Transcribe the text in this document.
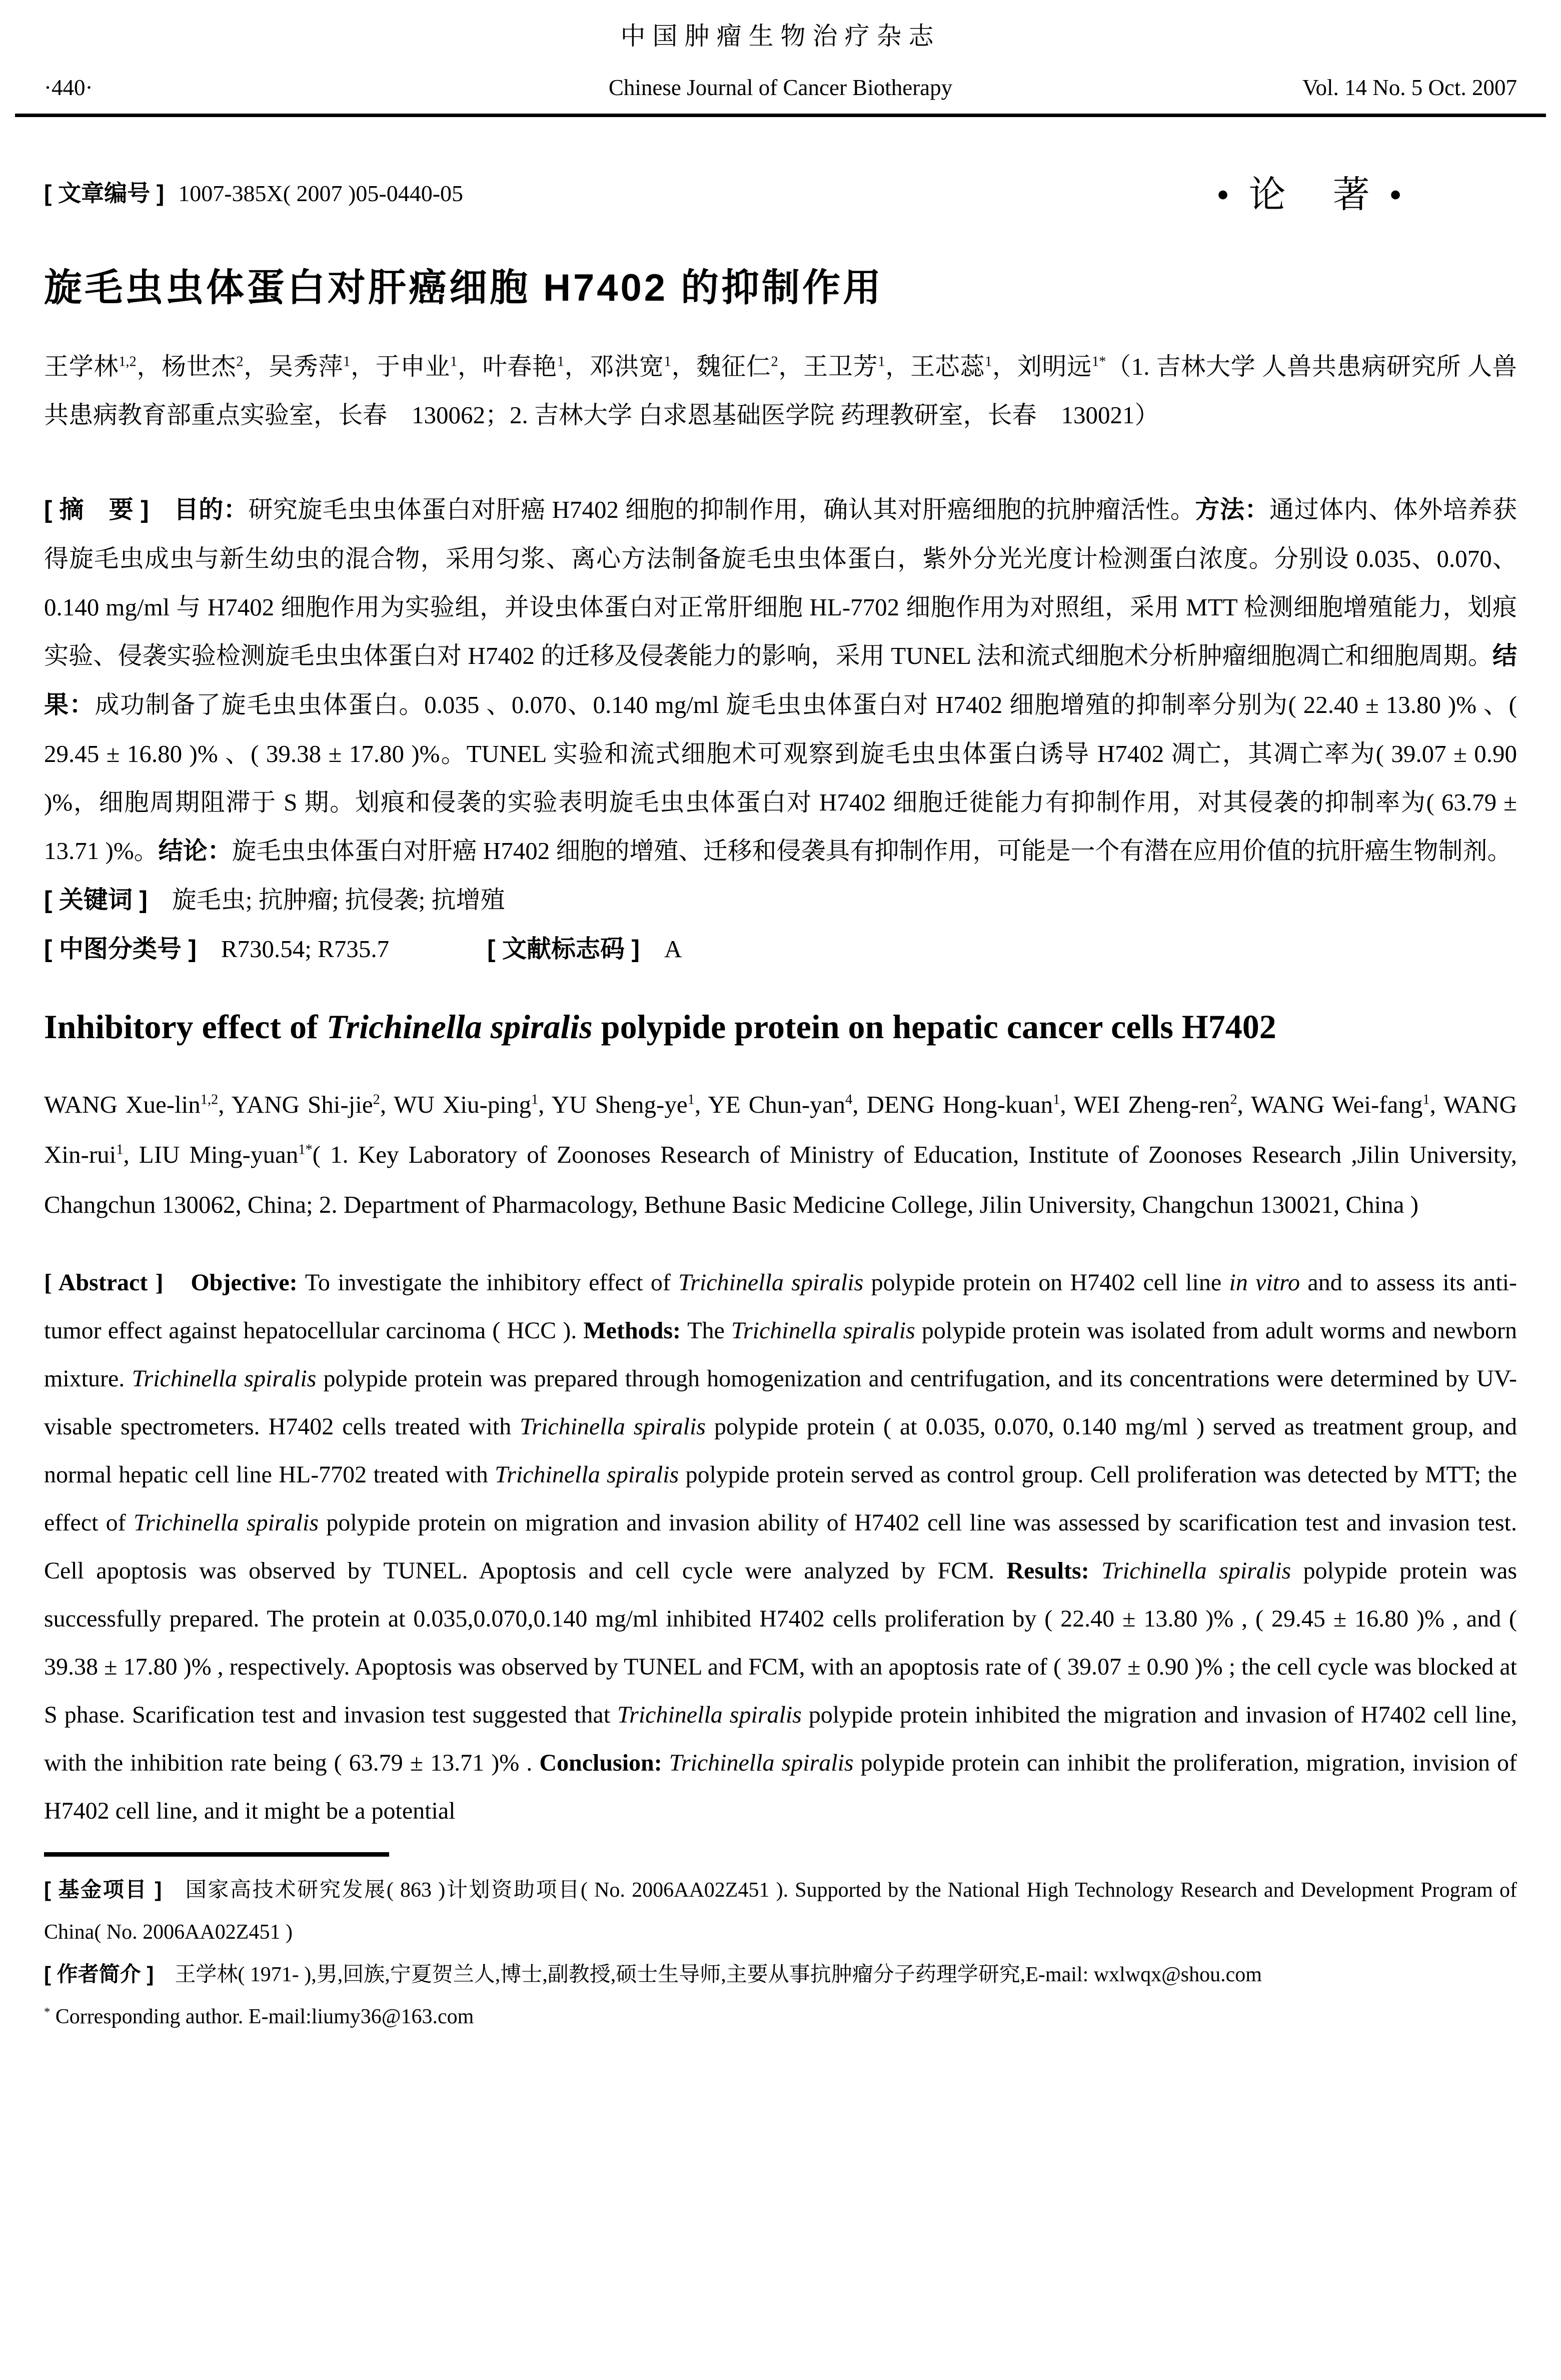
中国肿瘤生物治疗杂志
·440·	Chinese Journal of Cancer Biotherapy	Vol. 14 No. 5 Oct. 2007
[ 文章编号 ] 1007-385X( 2007 )05-0440-05	• 论　著 •
旋毛虫虫体蛋白对肝癌细胞 H7402 的抑制作用

王学林$^{1,2}$，杨世杰$^2$，吴秀萍$^1$，于申业$^1$，叶春艳$^1$，邓洪宽$^1$，魏征仁$^2$，王卫芳$^1$，王芯蕊$^1$，刘明远$^{1*}$（1. 吉林大学 人兽共患病研究所 人兽共患病教育部重点实验室，长春　130062；2. 吉林大学 白求恩基础医学院 药理教研室，长春　130021）

[ 摘　要 ]　目的：研究旋毛虫虫体蛋白对肝癌 H7402 细胞的抑制作用，确认其对肝癌细胞的抗肿瘤活性。方法：通过体内、体外培养获得旋毛虫成虫与新生幼虫的混合物，采用匀浆、离心方法制备旋毛虫虫体蛋白，紫外分光光度计检测蛋白浓度。分别设 0.035、0.070、0.140 mg/ml 与 H7402 细胞作用为实验组，并设虫体蛋白对正常肝细胞 HL-7702 细胞作用为对照组，采用 MTT 检测细胞增殖能力，划痕实验、侵袭实验检测旋毛虫虫体蛋白对 H7402 的迁移及侵袭能力的影响，采用 TUNEL 法和流式细胞术分析肿瘤细胞凋亡和细胞周期。结果：成功制备了旋毛虫虫体蛋白。0.035 、0.070、0.140 mg/ml 旋毛虫虫体蛋白对 H7402 细胞增殖的抑制率分别为( 22.40 ± 13.80 )% 、( 29.45 ± 16.80 )% 、( 39.38 ± 17.80 )%。TUNEL 实验和流式细胞术可观察到旋毛虫虫体蛋白诱导 H7402 凋亡，其凋亡率为( 39.07 ± 0.90 )%，细胞周期阻滞于 S 期。划痕和侵袭的实验表明旋毛虫虫体蛋白对 H7402 细胞迁徙能力有抑制作用，对其侵袭的抑制率为( 63.79 ± 13.71 )%。结论：旋毛虫虫体蛋白对肝癌 H7402 细胞的增殖、迁移和侵袭具有抑制作用，可能是一个有潜在应用价值的抗肝癌生物制剂。

[ 关键词 ]　旋毛虫; 抗肿瘤; 抗侵袭; 抗增殖

[ 中图分类号 ]　R730.54; R735.7　　　　	[ 文献标志码 ]　A

Inhibitory effect of Trichinella spiralis polypide protein on hepatic cancer cells H7402

WANG Xue-lin$^{1,2}$, YANG Shi-jie$^2$, WU Xiu-ping$^1$, YU Sheng-$ye^1$, YE Chun-yan$^4$, DENG Hong-kuan$^1$, WEI Zheng-ren$^2$, WANG Wei-fang$^1$, WANG Xin-rui$^1$, LIU Ming-yuan$^{1*}$( 1. Key Laboratory of Zoonoses Research of Ministry of Education, Institute of Zoonoses Research ,Jilin University, Changchun 130062, China; 2. Department of Pharmacology, Bethune Basic Medicine College, Jilin University, Changchun 130021, China )

[ Abstract ]　Objective: To investigate the inhibitory effect of Trichinella spiralis polypide protein on H7402 cell line in vitro and to assess its anti-tumor effect against hepatocellular carcinoma ( HCC ). Methods: The Trichinella spiralis polypide protein was isolated from adult worms and newborn mixture. Trichinella spiralis polypide protein was prepared through homogenization and centrifugation, and its concentrations were determined by UV-visable spectrometers. H7402 cells treated with Trichinella spiralis polypide protein ( at 0.035, 0.070, 0.140 mg/ml ) served as treatment group, and normal hepatic cell line HL-7702 treated with Trichinella spiralis polypide protein served as control group. Cell proliferation was detected by MTT; the effect of Trichinella spiralis polypide protein on migration and invasion ability of H7402 cell line was assessed by scarification test and invasion test. Cell apoptosis was observed by TUNEL. Apoptosis and cell cycle were analyzed by FCM. Results: Trichinella spiralis polypide protein was successfully prepared. The protein at 0.035,0.070,0.140 mg/ml inhibited H7402 cells proliferation by ( 22.40 ± 13.80 )% , ( 29.45 ± 16.80 )% , and ( 39.38 ± 17.80 )% , respectively. Apoptosis was observed by TUNEL and FCM, with an apoptosis rate of ( 39.07 ± 0.90 )% ; the cell cycle was blocked at S phase. Scarification test and invasion test suggested that Trichinella spiralis polypide protein inhibited the migration and invasion of H7402 cell line, with the inhibition rate being ( 63.79 ± 13.71 )% . Conclusion: Trichinella spiralis polypide protein can inhibit the proliferation, migration, invision of H7402 cell line, and it might be a potential

[ 基金项目 ]　国家高技术研究发展( 863 )计划资助项目( No. 2006AA02Z451 ). Supported by the National High Technology Research and Development Program of China( No. 2006AA02Z451 )

[ 作者简介 ]　王学林( 1971- ),男,回族,宁夏贺兰人,博士,副教授,硕士生导师,主要从事抗肿瘤分子药理学研究,E-mail: wxlwqx@shou.com

* Corresponding author. E-mail:liumy36@163.com
